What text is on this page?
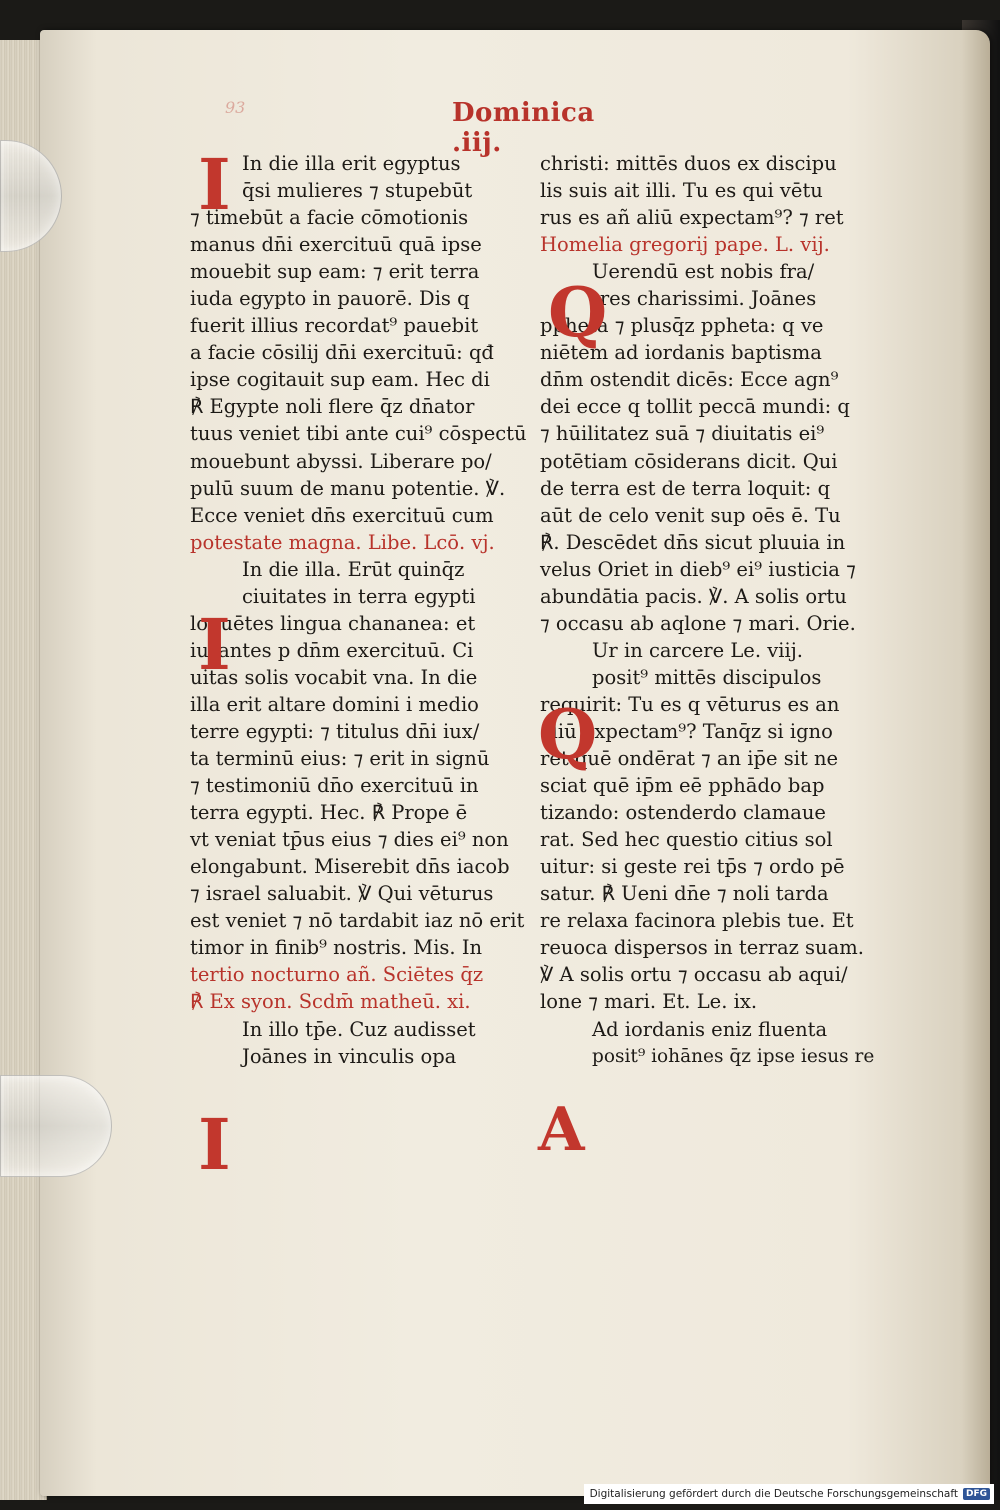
93	Dominica .iij.
In die illa erit egyptus
q̄si mulieres ⁊ stupebūt
⁊ timebūt a facie cōmotionis
manus dn̄i exercituū quā ipse
mouebit sup eam: ⁊ erit terra
iuda egypto in pauorē. Dis q
fuerit illius recordat⁹ pauebit
a facie cōsilij dn̄i exercituū: qđ
ipse cogitauit sup eam. Hec di
℟ Egypte noli flere q̄z dn̄ator
tuus veniet tibi ante cui⁹ cōspectū
mouebunt abyssi. Liberare po/
pulū suum de manu potentie. ℣.
Ecce veniet dn̄s exercituū cum
potestate magna. Libe. Lcō. vj.
In die illa. Erūt quinq̄z
ciuitates in terra egypti
loquētes lingua chananea: et
iurantes p dn̄m exercituū. Ci
uitas solis vocabit vna. In die
illa erit altare domini i medio
terre egypti: ⁊ titulus dn̄i iux/
ta terminū eius: ⁊ erit in signū
⁊ testimoniū dn̄o exercituū in
terra egypti. Hec. ℟ Prope ē
vt veniat tp̄us eius ⁊ dies ei⁹ non
elongabunt. Miserebit dn̄s iacob
⁊ israel saluabit. ℣ Qui vēturus
est veniet ⁊ nō tardabit iaz nō erit
timor in finib⁹ nostris. Mis. In
tertio nocturno añ. Sciētes q̄z
℟ Ex syon. Scdm̄ matheū. xi.
In illo tp̄e. Cuz audisset
Joānes in vinculis opa
christi: mittēs duos ex discipu
lis suis ait illi. Tu es qui vētu
rus es añ aliū expectam⁹? ⁊ ret
Homelia gregorij pape. L. vij.
Uerendū est nobis fra/
tres charissimi. Joānes
ppheta ⁊ plusq̄z ppheta: q ve
niētem ad iordanis baptisma
dn̄m ostendit dicēs: Ecce agn⁹
dei ecce q tollit peccā mundi: q
⁊ hūilitatez suā ⁊ diuitatis ei⁹
potētiam cōsiderans dicit. Qui
de terra est de terra loquit: q
aūt de celo venit sup oēs ē. Tu
℟. Descēdet dn̄s sicut pluuia in
velus Oriet in dieb⁹ ei⁹ iusticia ⁊
abundātia pacis. ℣. A solis ortu
⁊ occasu ab aqlone ⁊ mari. Orie.
Ur in carcere Le. viij.
posit⁹ mittēs discipulos
requirit: Tu es q vēturus es an
aliū expectam⁹? Tanq̄z si igno
ret quē ondērat ⁊ an ip̄e sit ne
sciat quē ip̄m eē pphādo bap
tizando: ostenderdo clamaue
rat. Sed hec questio citius sol
uitur: si geste rei tp̄s ⁊ ordo pē
satur. ℟ Ueni dn̄e ⁊ noli tarda
re relaxa facinora plebis tue. Et
reuoca dispersos in terraz suam.
℣ A solis ortu ⁊ occasu ab aqui/
lone ⁊ mari. Et. Le. ix.
Ad iordanis eniz fluenta
posit⁹ iohānes q̄z ipse iesus re
I
I
I
Q
Q
A
Digitalisierung gefördert durch die Deutsche Forschungsgemeinschaft DFG
